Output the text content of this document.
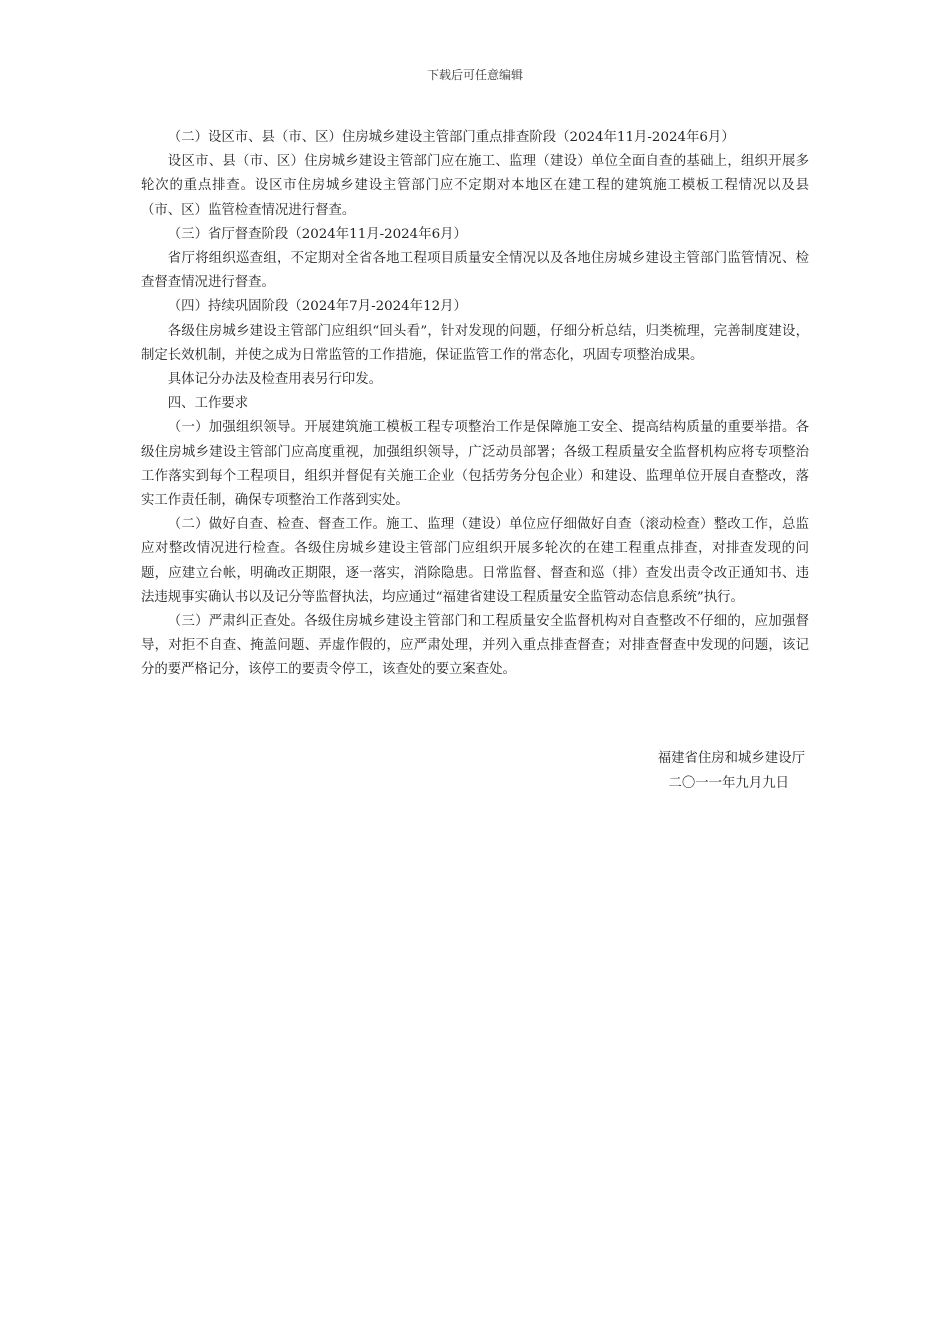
下载后可任意编辑

（二）设区市、县（市、区）住房城乡建设主管部门重点排查阶段（2024年11月-2024年6月）

设区市、县（市、区）住房城乡建设主管部门应在施工、监理（建设）单位全面自查的基础上，组织开展多轮次的重点排查。设区市住房城乡建设主管部门应不定期对本地区在建工程的建筑施工模板工程情况以及县（市、区）监管检查情况进行督查。

（三）省厅督查阶段（2024年11月-2024年6月）

省厅将组织巡查组，不定期对全省各地工程项目质量安全情况以及各地住房城乡建设主管部门监管情况、检查督查情况进行督查。

（四）持续巩固阶段（2024年7月-2024年12月）

各级住房城乡建设主管部门应组织“回头看”，针对发现的问题，仔细分析总结，归类梳理，完善制度建设，制定长效机制，并使之成为日常监管的工作措施，保证监管工作的常态化，巩固专项整治成果。

具体记分办法及检查用表另行印发。

四、工作要求

（一）加强组织领导。开展建筑施工模板工程专项整治工作是保障施工安全、提高结构质量的重要举措。各级住房城乡建设主管部门应高度重视，加强组织领导，广泛动员部署；各级工程质量安全监督机构应将专项整治工作落实到每个工程项目，组织并督促有关施工企业（包括劳务分包企业）和建设、监理单位开展自查整改，落实工作责任制，确保专项整治工作落到实处。

（二）做好自查、检查、督查工作。施工、监理（建设）单位应仔细做好自查（滚动检查）整改工作，总监应对整改情况进行检查。各级住房城乡建设主管部门应组织开展多轮次的在建工程重点排查，对排查发现的问题，应建立台帐，明确改正期限，逐一落实，消除隐患。日常监督、督查和巡（排）查发出责令改正通知书、违法违规事实确认书以及记分等监督执法，均应通过“福建省建设工程质量安全监管动态信息系统”执行。

（三）严肃纠正查处。各级住房城乡建设主管部门和工程质量安全监督机构对自查整改不仔细的，应加强督导，对拒不自查、掩盖问题、弄虚作假的，应严肃处理，并列入重点排查督查；对排查督查中发现的问题，该记分的要严格记分，该停工的要责令停工，该查处的要立案查处。

福建省住房和城乡建设厅
二〇一一年九月九日
